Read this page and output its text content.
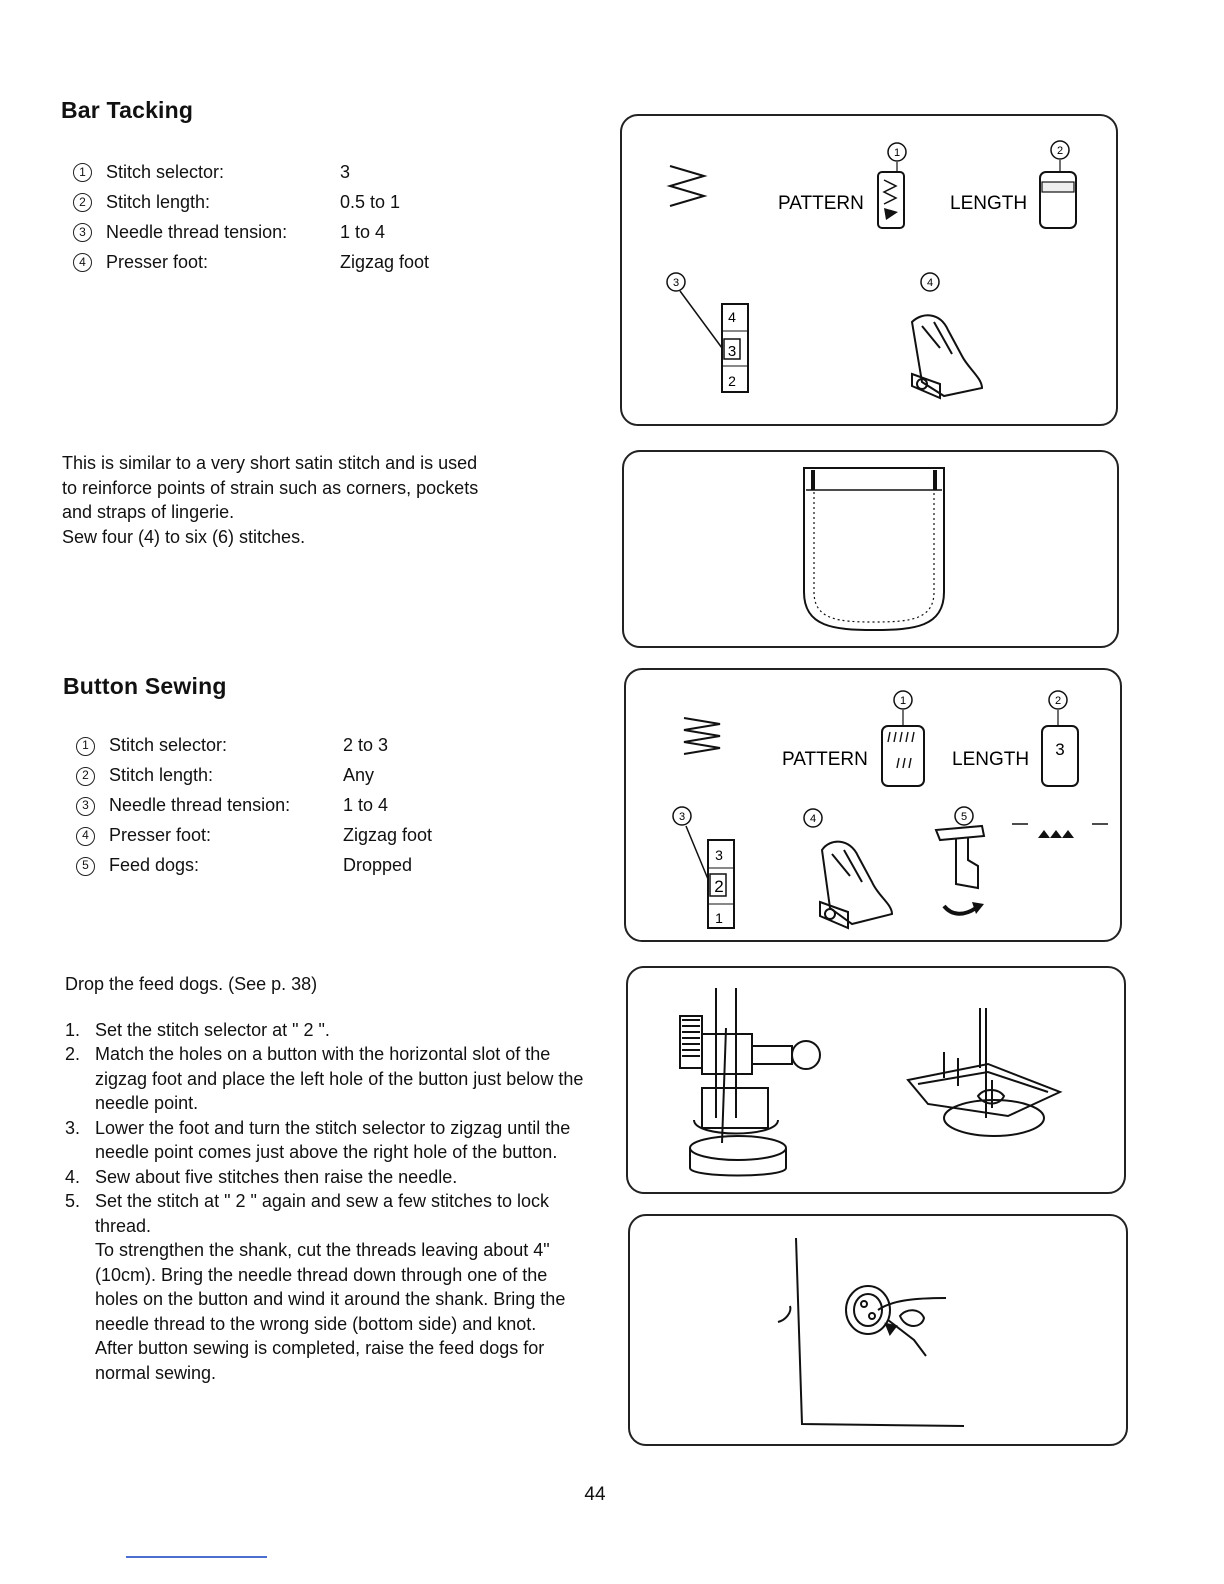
Bar Tacking
1	Stitch selector:	3
2	Stitch length:	0.5 to 1
3	Needle thread tension:	1 to 4
4	Presser foot:	Zigzag foot

This is similar to a very short satin stitch and is used

to reinforce points of strain such as corners, pockets

and straps of lingerie.

Sew four (4) to six (6) stitches.

1	2
PATTERN	LENGTH
3
4
3
2
4
Button Sewing
1	Stitch selector:	2 to 3
2	Stitch length:	Any
3	Needle thread tension:	1 to 4
4	Presser foot:	Zigzag foot
5	Feed dogs:	Dropped

Drop the feed dogs. (See p. 38)

1. Set the stitch selector at " 2 ".
2. Match the holes on a button with the horizontal slot of the zigzag foot and place the left hole of the button just below the needle point.
3. Lower the foot and turn the stitch selector to zigzag until the needle point comes just above the right hole of the button.
4. Sew about five stitches then raise the needle.
5. Set the stitch at " 2 " again and sew a few stitches to lock thread.

To strengthen the shank, cut the threads leaving about 4" (10cm). Bring the needle thread down through one of the holes on the button and wind it around the shank. Bring the needle thread to the wrong side (bottom side) and knot.

After button sewing is completed, raise the feed dogs for normal sewing.

1	2
PATTERN	LENGTH 3
3
3
2
1
4	5
44
